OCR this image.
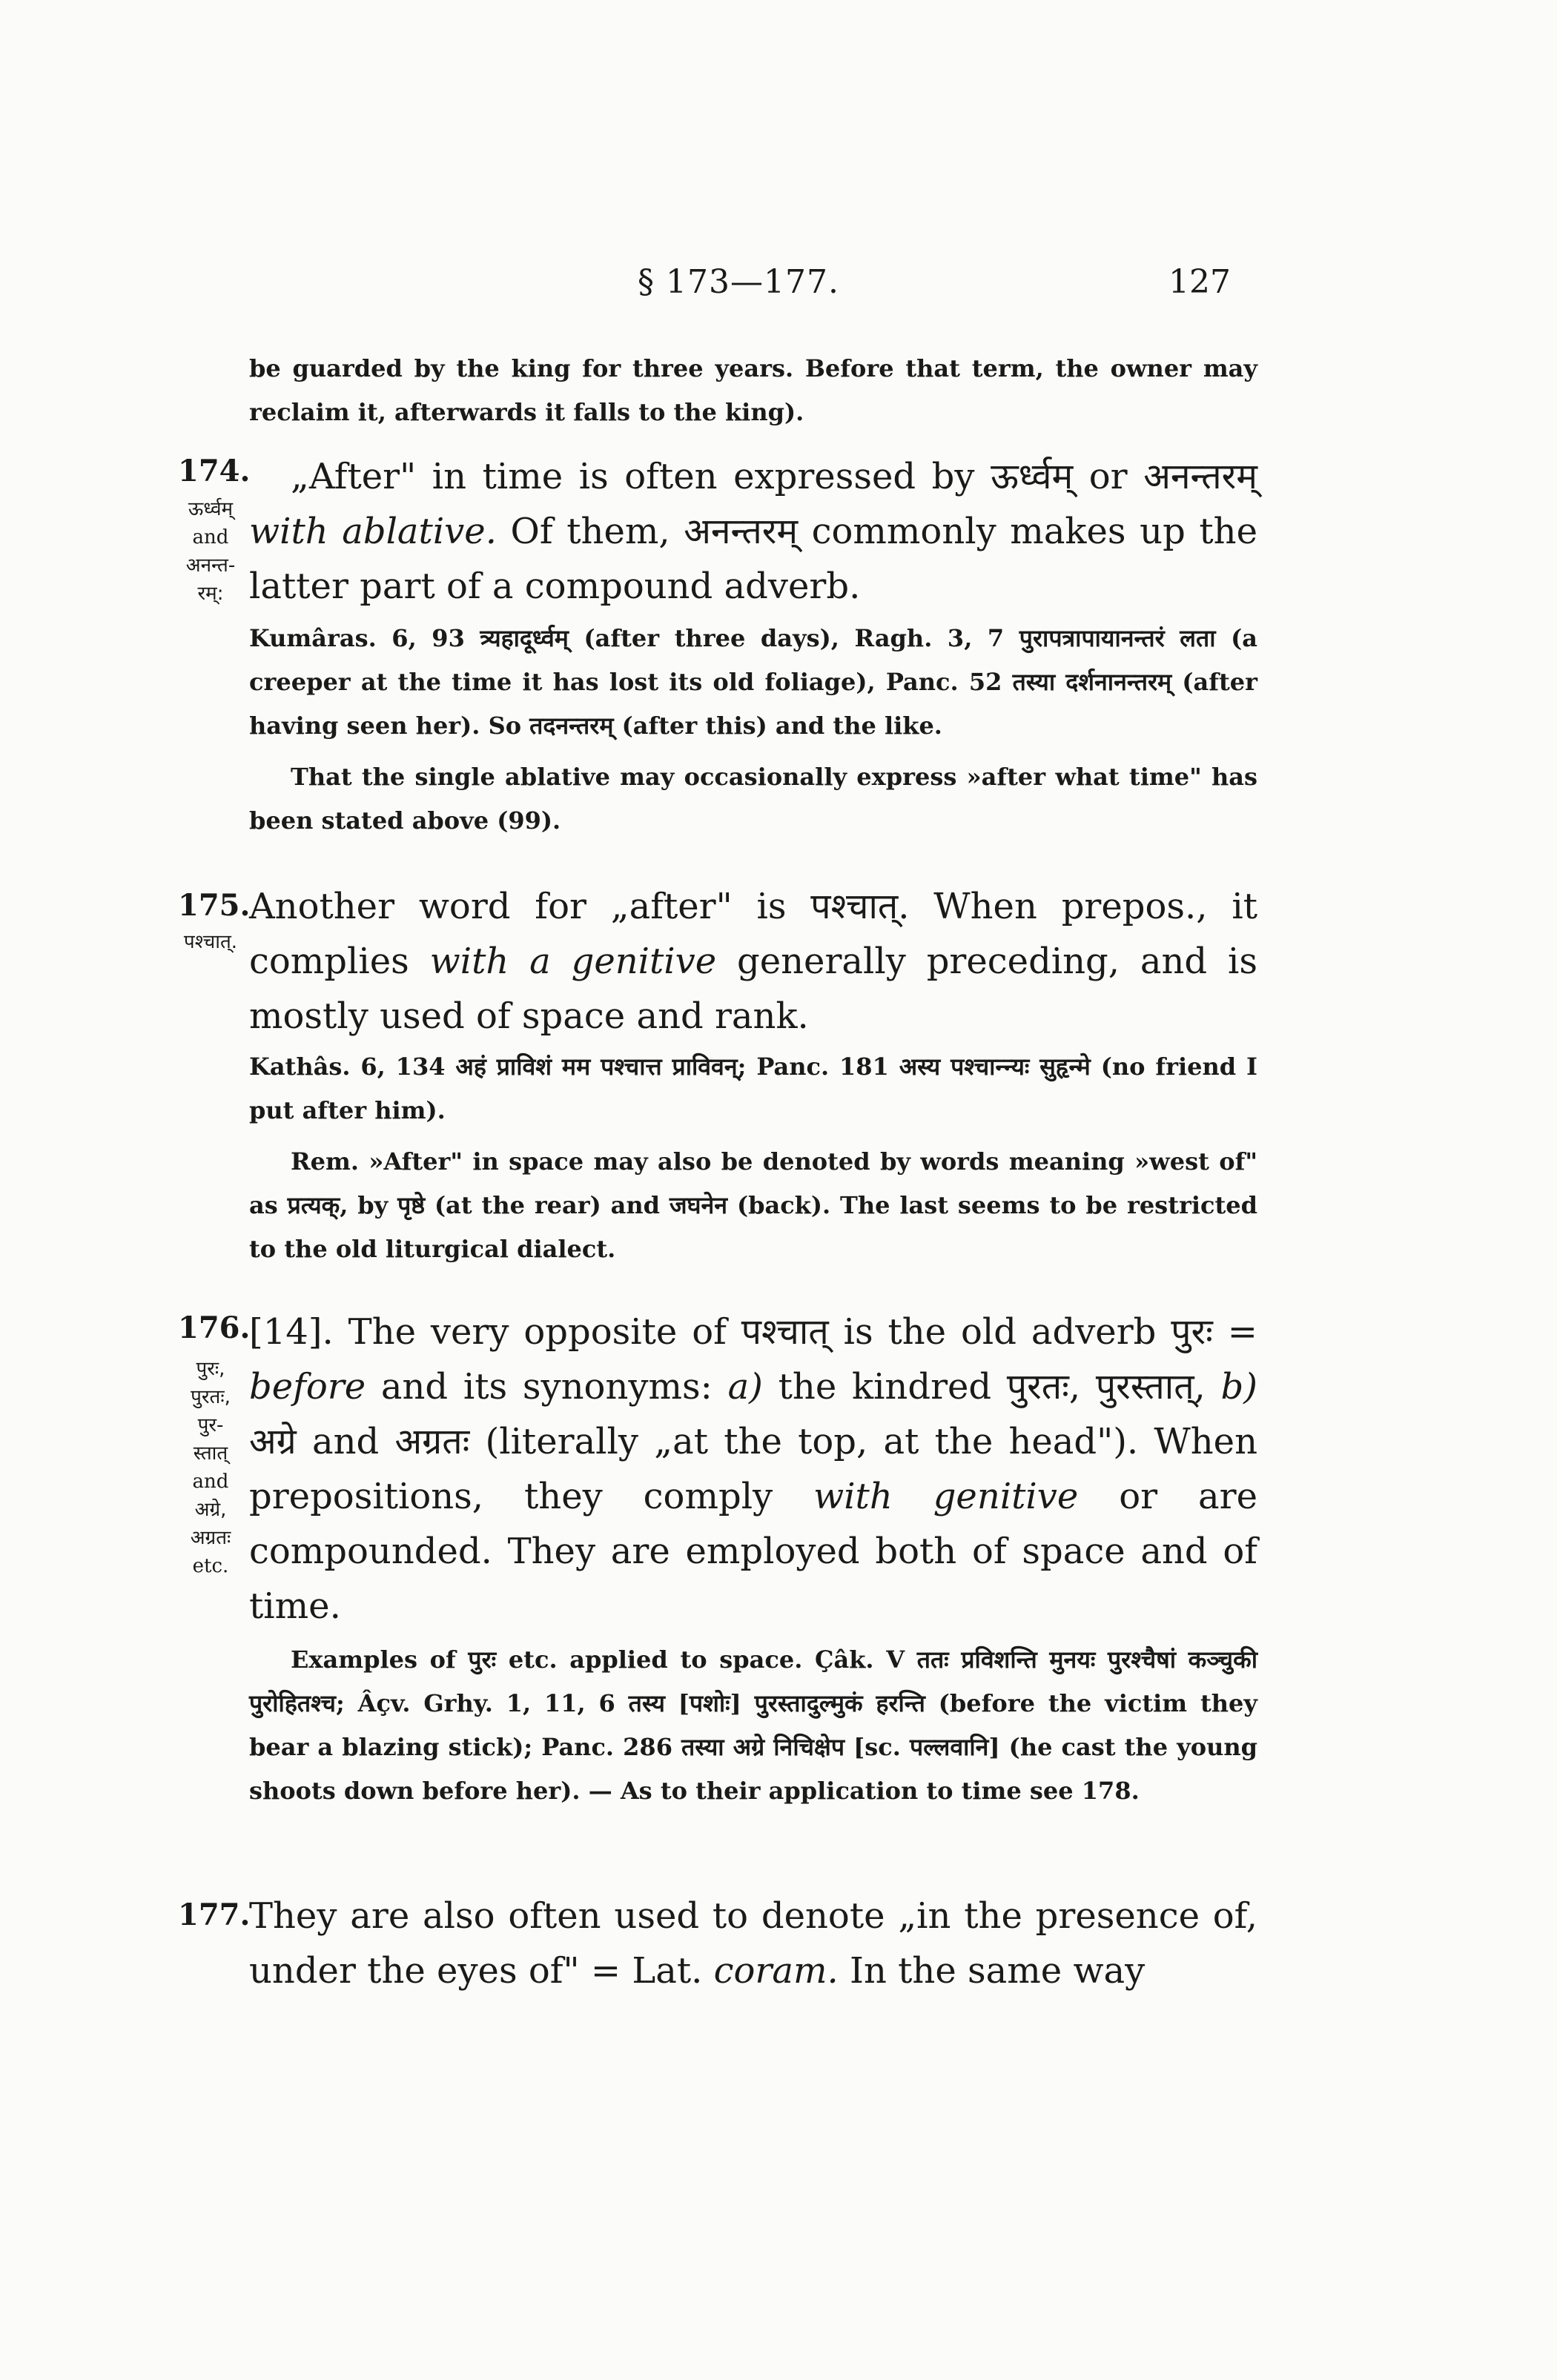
§ 173—177.	127

be guarded by the king for three years. Before that term, the owner may reclaim it, afterwards it falls to the king).

174.
ऊर्ध्वम्
and
अनन्त-
रम्:

„After" in time is often expressed by ऊर्ध्वम् or अनन्तरम् with ablative. Of them, अनन्तरम् commonly makes up the latter part of a compound adverb.

Kumâras. 6, 93 त्र्यहादूर्ध्वम् (after three days), Ragh. 3, 7 पुरापत्रापायानन्तरं लता (a creeper at the time it has lost its old foliage), Panc. 52 तस्या दर्शनानन्तरम् (after having seen her). So तदनन्तरम् (after this) and the like.

That the single ablative may occasionally express »after what time" has been stated above (99).

175.
पश्चात्.

Another word for „after" is पश्चात्. When prepos., it complies with a genitive generally preceding, and is mostly used of space and rank.

Kathâs. 6, 134 अहं प्राविशं मम पश्चात्त प्राविवन्; Panc. 181 अस्य पश्चान्न्यः सुहृन्मे (no friend I put after him).

Rem. »After" in space may also be denoted by words meaning »west of" as प्रत्यक्, by पृष्ठे (at the rear) and जघनेन (back). The last seems to be restricted to the old liturgical dialect.

176.
पुरः,
पुरतः,
पुर-
स्तात्
and
अग्रे,
अग्रतः
etc.

[14]. The very opposite of पश्चात् is the old adverb पुरः = before and its synonyms: a) the kindred पुरतः, पुरस्तात्, b) अग्रे and अग्रतः (literally „at the top, at the head"). When prepositions, they comply with genitive or are compounded. They are employed both of space and of time.

Examples of पुरः etc. applied to space. Çâk. V ततः प्रविशन्ति मुनयः पुरश्चैषां कञ्चुकी पुरोहितश्च; Âçv. Grhy. 1, 11, 6 तस्य [पशोः] पुरस्तादुल्मुकं हरन्ति (before the victim they bear a blazing stick); Panc. 286 तस्या अग्रे निचिक्षेप [sc. पल्लवानि] (he cast the young shoots down before her). — As to their application to time see 178.

177.

They are also often used to denote „in the presence of, under the eyes of" = Lat. coram. In the same way
